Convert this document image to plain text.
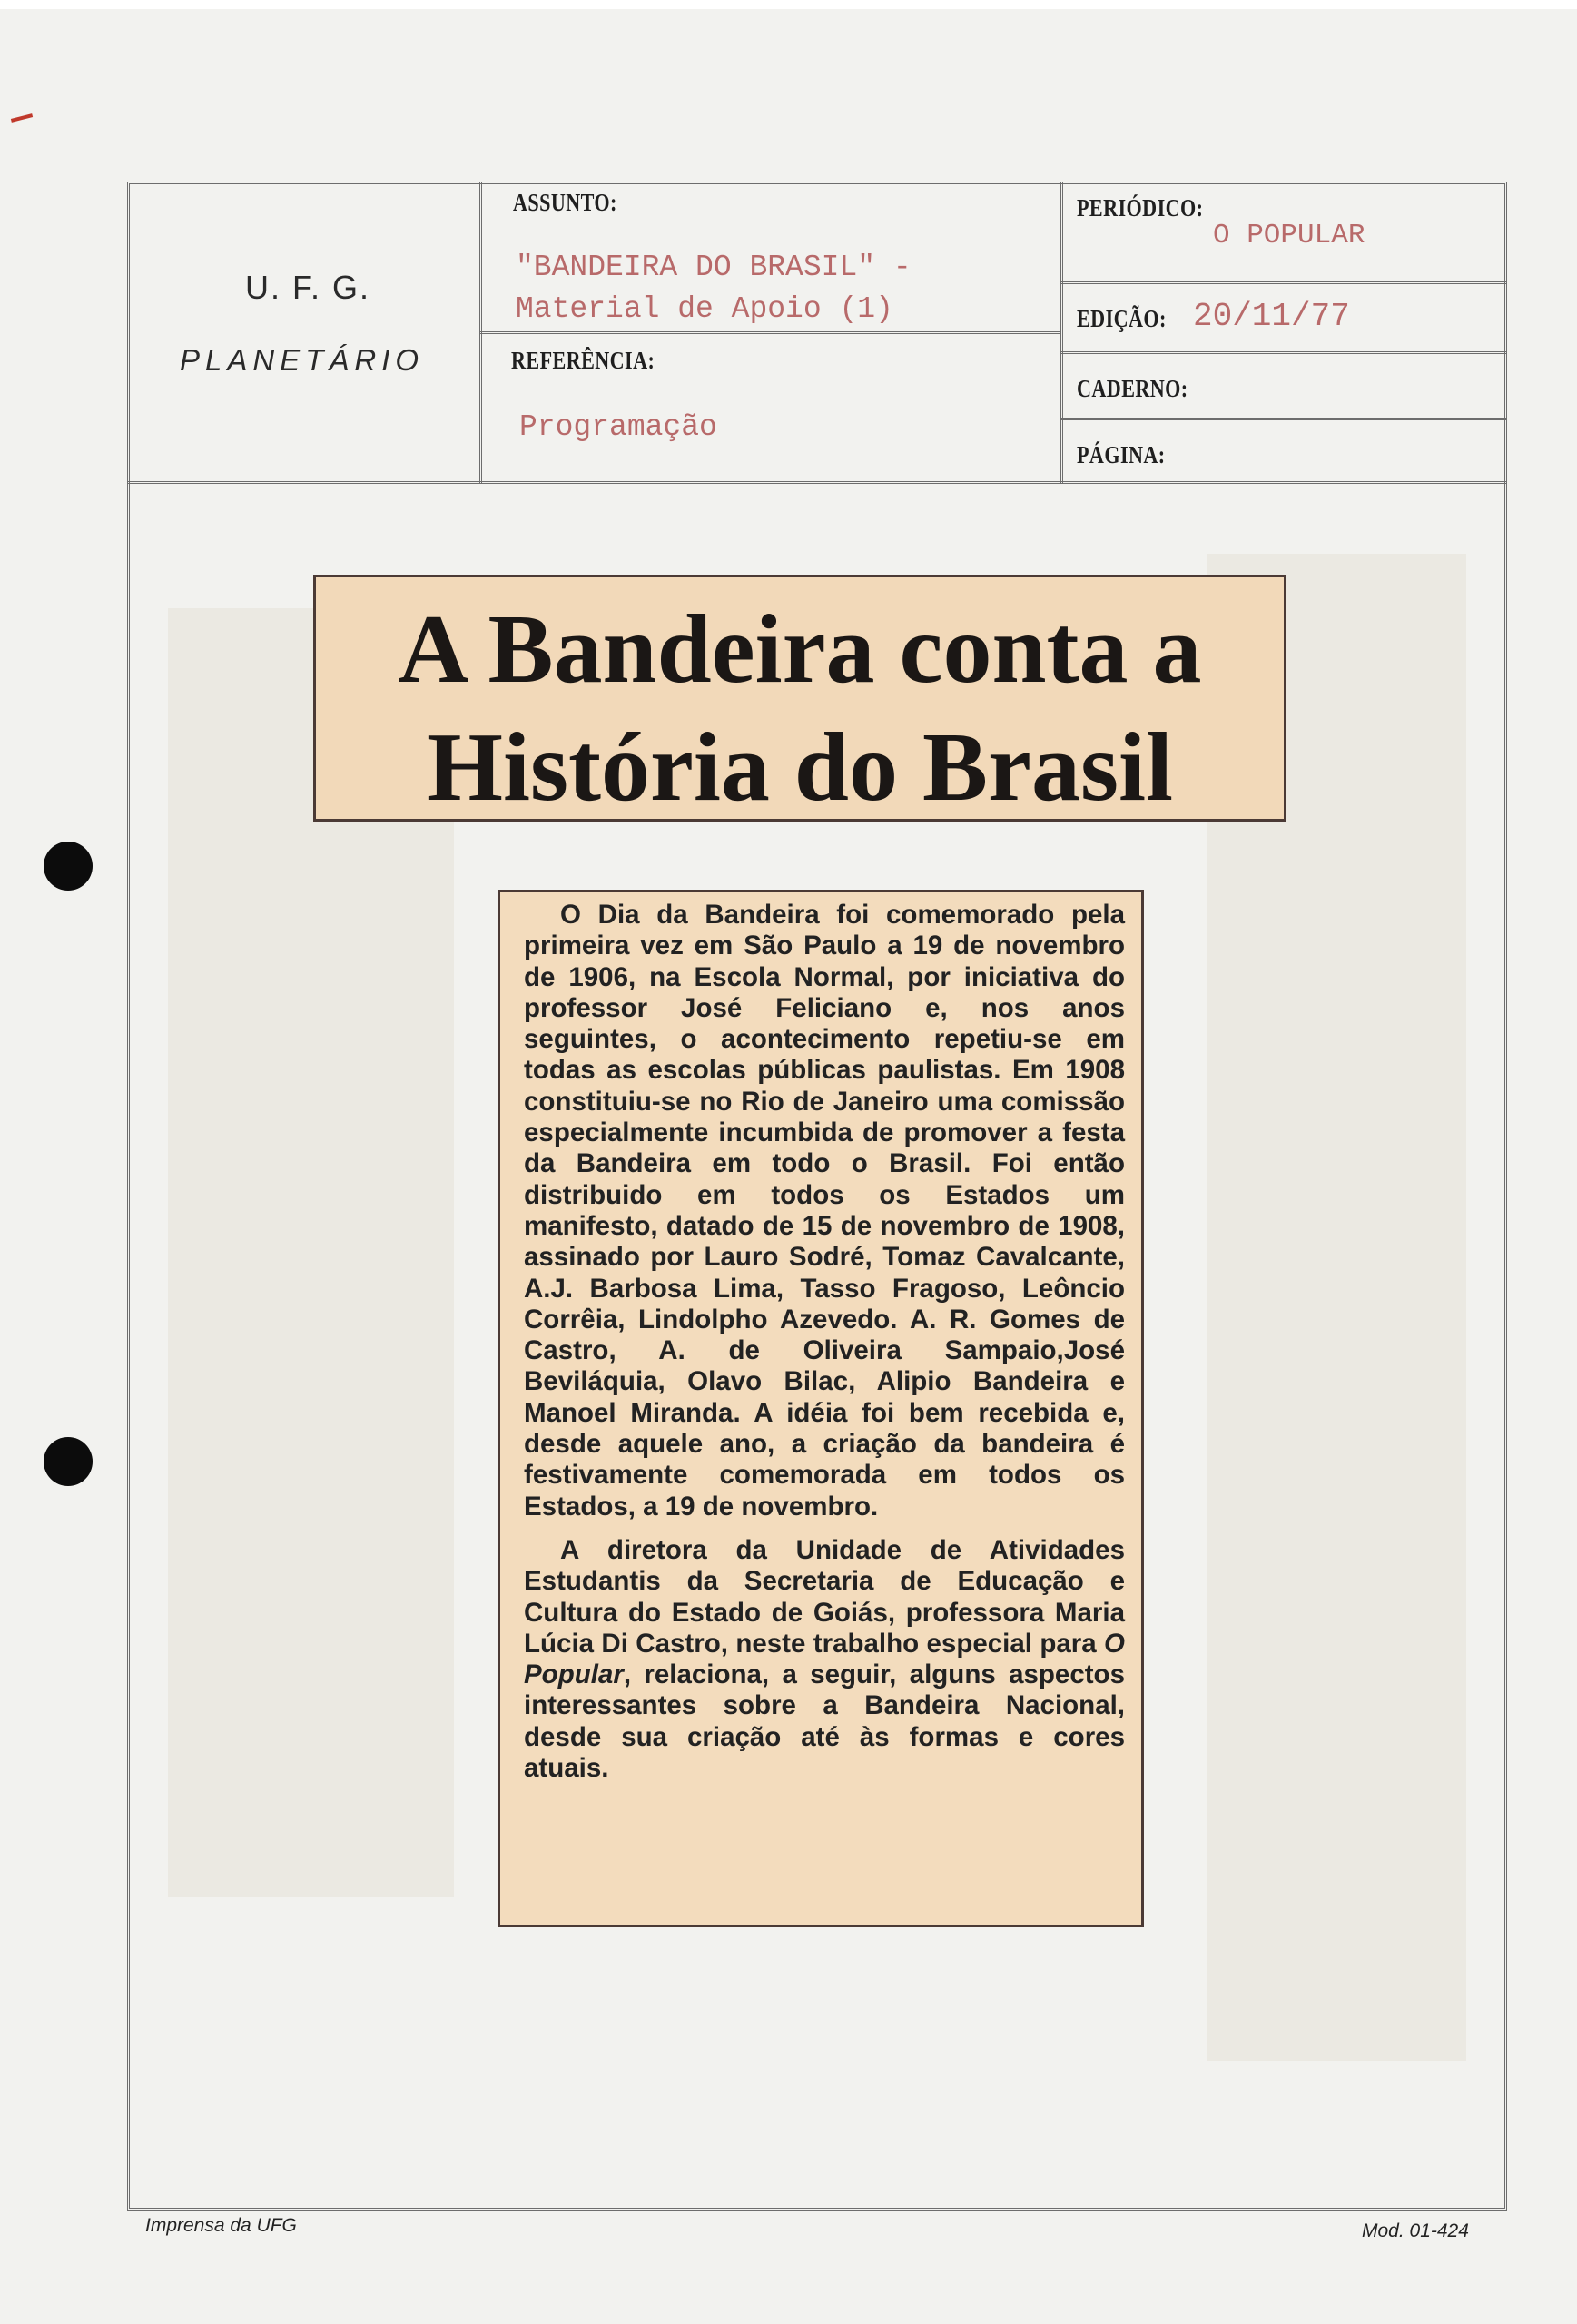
U. F. G.
PLANETÁRIO
ASSUNTO:
"BANDEIRA DO BRASIL" -
Material de Apoio (1)
REFERÊNCIA:
Programação
PERIÓDICO:
O POPULAR
EDIÇÃO: 20/11/77
CADERNO:
PÁGINA:
A Bandeira conta a
História do Brasil

O Dia da Bandeira foi comemorado pela primeira vez em São Paulo a 19 de novembro de 1906, na Escola Normal, por iniciativa do professor José Feliciano e, nos anos seguintes, o acontecimento repetiu-se em todas as escolas públicas paulistas. Em 1908 constituiu-se no Rio de Janeiro uma comissão especialmente incumbida de promover a festa da Bandeira em todo o Brasil. Foi então distribuido em todos os Estados um manifesto, datado de 15 de novembro de 1908, assinado por Lauro Sodré, Tomaz Cavalcante, A.J. Barbosa Lima, Tasso Fragoso, Leôncio Corrêia, Lindolpho Azevedo. A. R. Gomes de Castro, A. de Oliveira Sampaio,José Beviláquia, Olavo Bilac, Alipio Bandeira e Manoel Miranda. A idéia foi bem recebida e, desde aquele ano, a criação da bandeira é festivamente comemorada em todos os Estados, a 19 de novembro.

A diretora da Unidade de Atividades Estudantis da Secretaria de Educação e Cultura do Estado de Goiás, professora Maria Lúcia Di Castro, neste trabalho especial para O Popular, relaciona, a seguir, alguns aspectos interessantes sobre a Bandeira Nacional, desde sua criação até às formas e cores atuais.

Imprensa da UFG	Mod. 01-424
